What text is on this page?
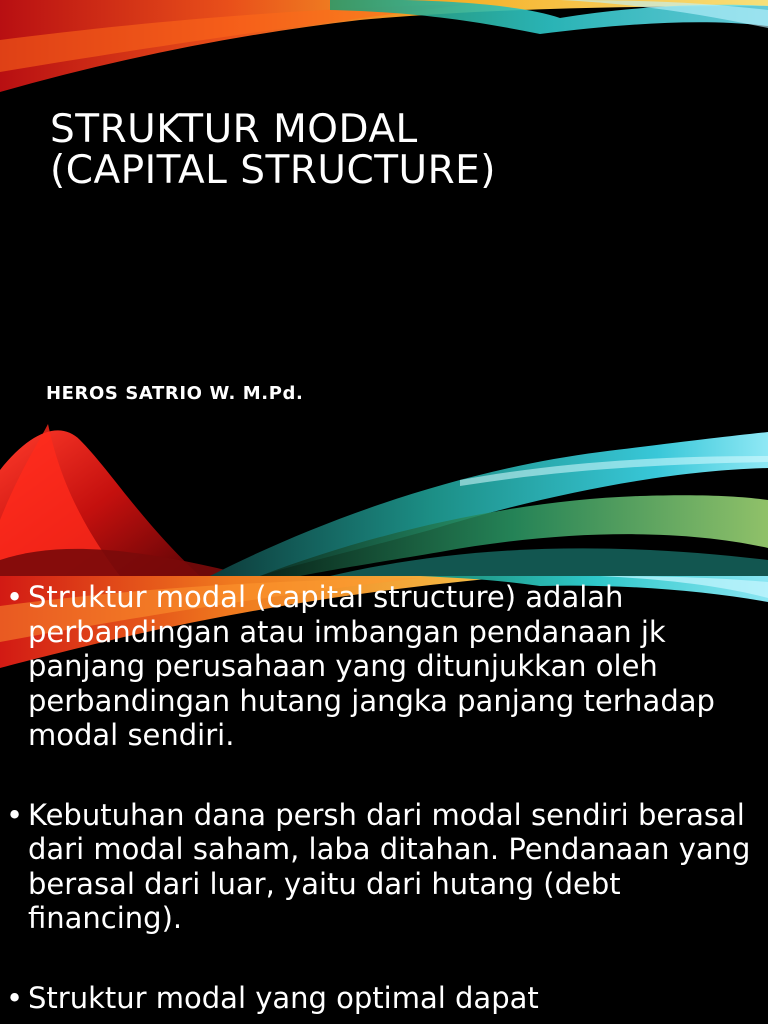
STRUKTUR MODAL
(CAPITAL STRUCTURE)
HEROS SATRIO W. M.Pd.
• Struktur modal (capital structure) adalah perbandingan atau imbangan pendanaan jk panjang perusahaan yang ditunjukkan oleh perbandingan hutang jangka panjang terhadap modal sendiri.
• Kebutuhan dana persh dari modal sendiri berasal dari modal saham, laba ditahan. Pendanaan yang berasal dari luar, yaitu dari hutang (debt financing).
• Struktur modal yang optimal dapat
